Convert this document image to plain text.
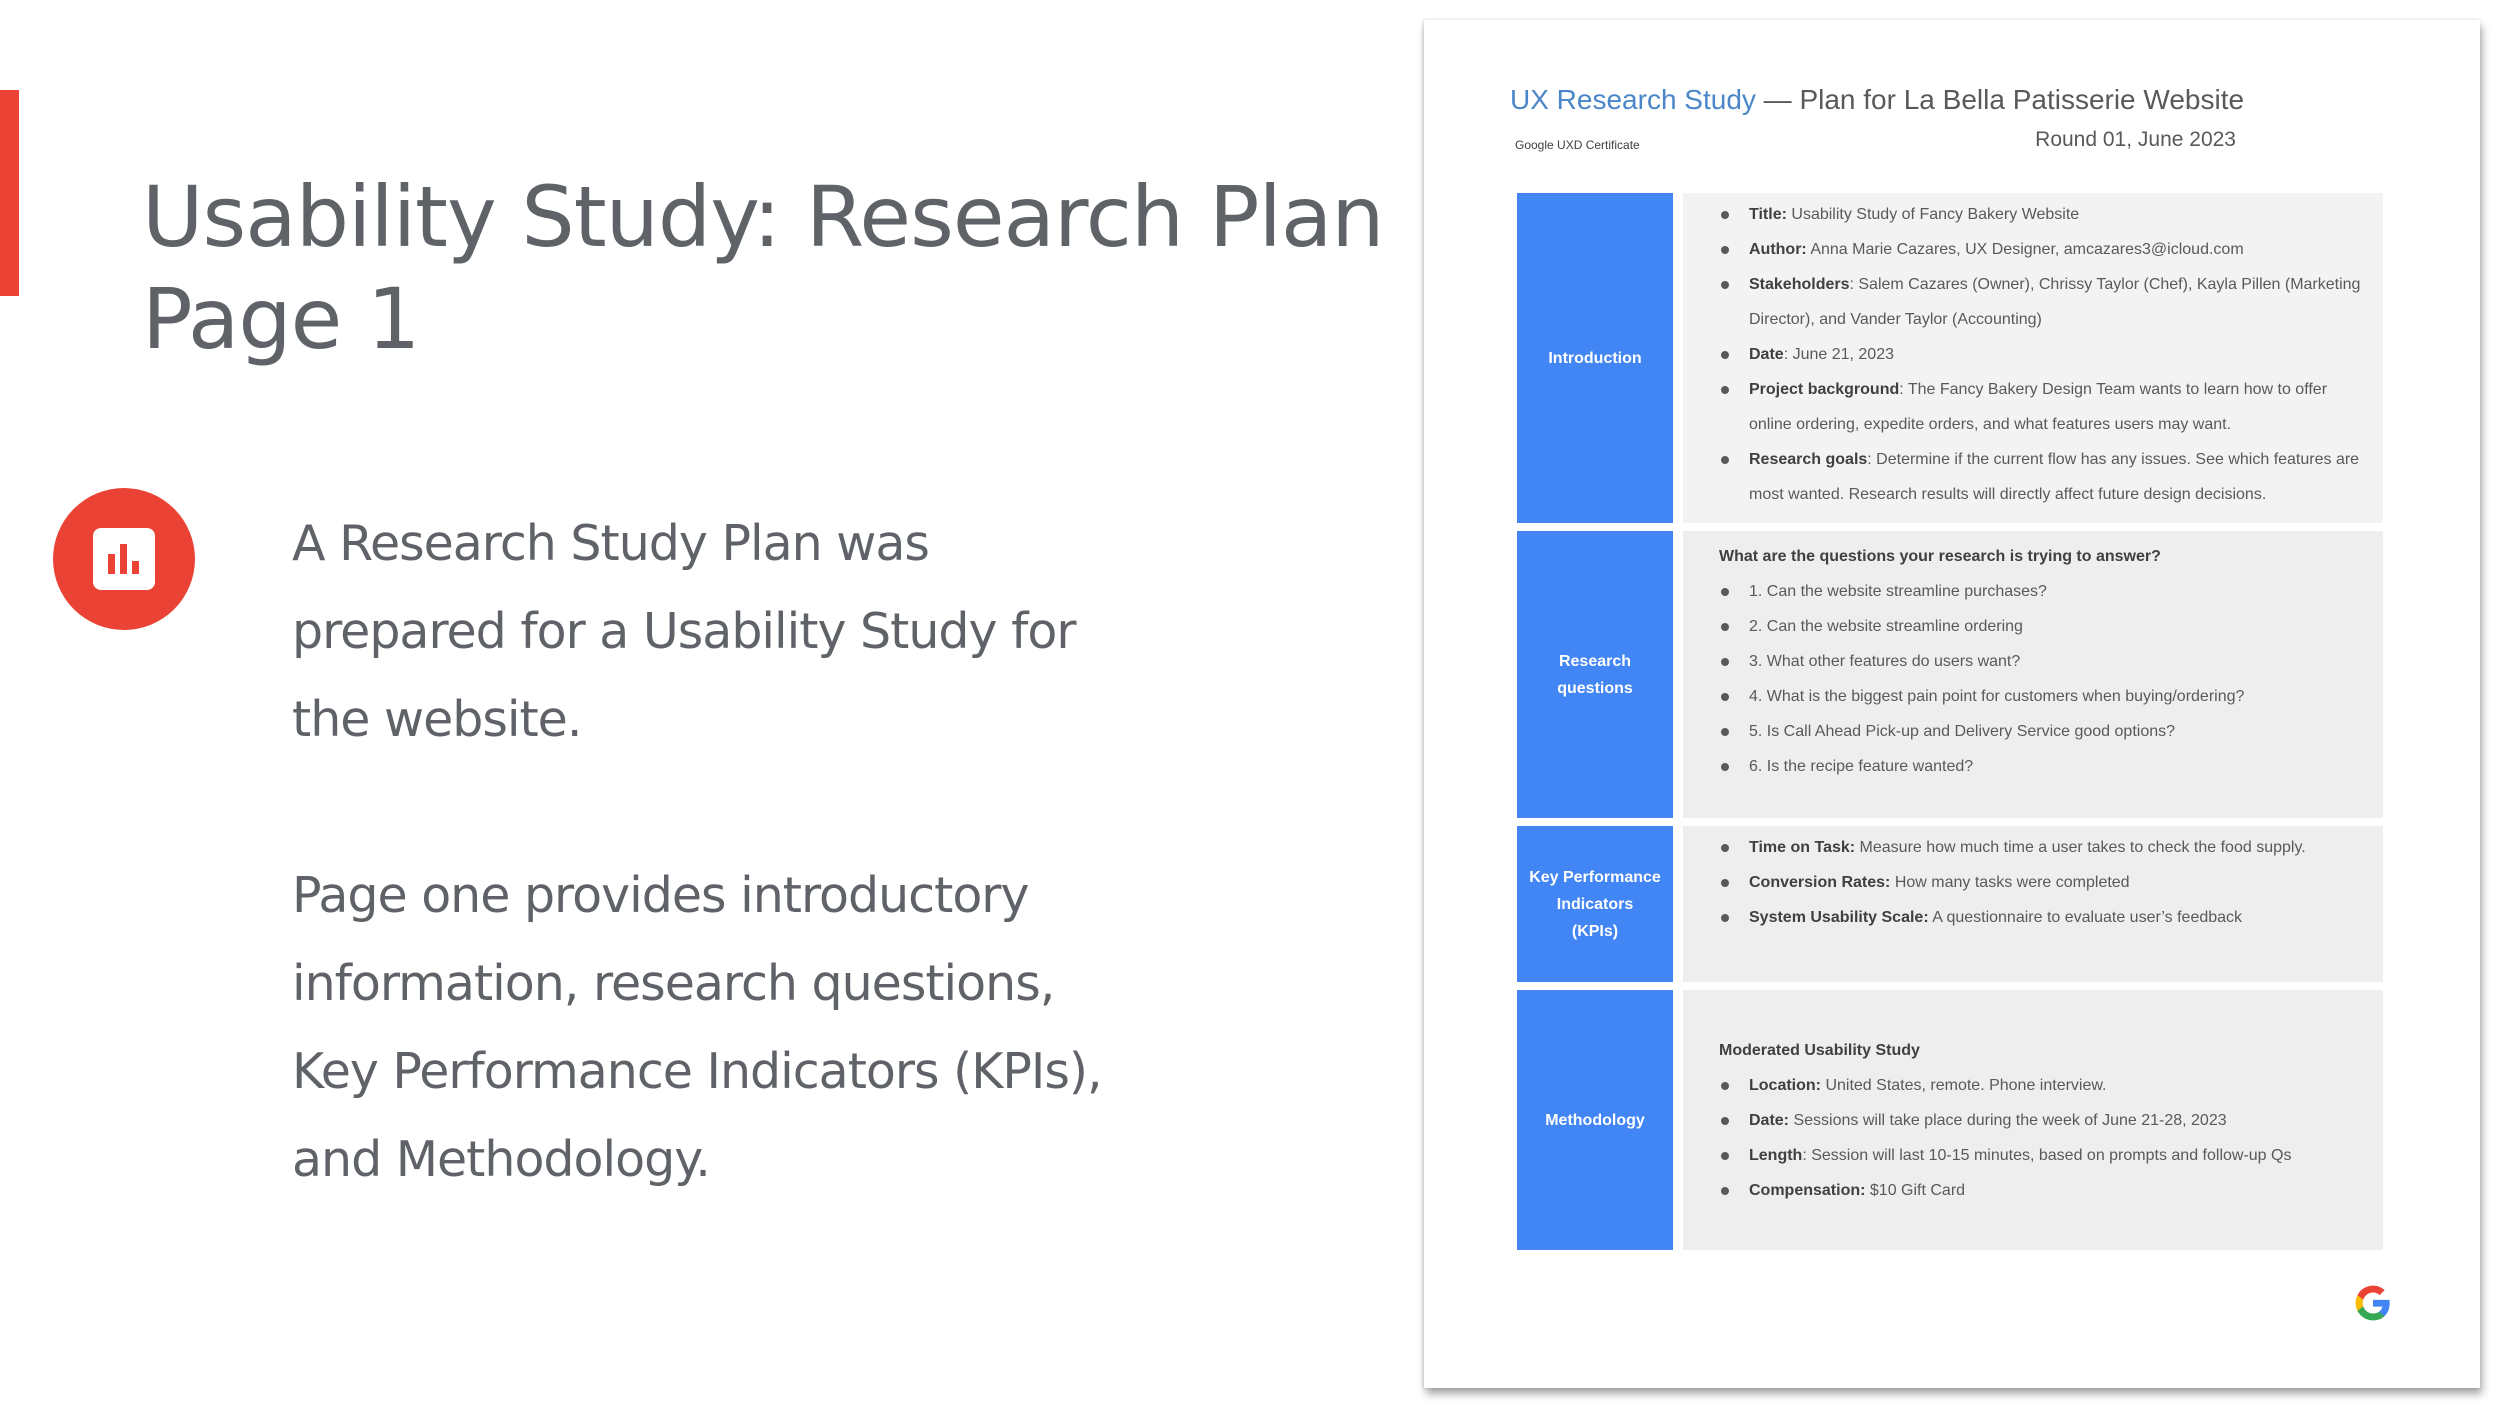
Usability Study: Research Plan
Page 1

A Research Study Plan was prepared for a Usability Study for the website.

Page one provides introductory information, research questions, Key Performance Indicators (KPIs), and Methodology.

UX Research Study — Plan for La Bella Patisserie Website
Google UXD Certificate	Round 01, June 2023
Introduction
Title: Usability Study of Fancy Bakery Website
Author: Anna Marie Cazares, UX Designer, amcazares3@icloud.com
Stakeholders: Salem Cazares (Owner), Chrissy Taylor (Chef), Kayla Pillen (Marketing Director), and Vander Taylor (Accounting)
Date: June 21, 2023
Project background: The Fancy Bakery Design Team wants to learn how to offer online ordering, expedite orders, and what features users may want.
Research goals: Determine if the current flow has any issues. See which features are most wanted. Research results will directly affect future design decisions.
Research
questions
What are the questions your research is trying to answer?
1. Can the website streamline purchases?
2. Can the website streamline ordering
3. What other features do users want?
4. What is the biggest pain point for customers when buying/ordering?
5. Is Call Ahead Pick-up and Delivery Service good options?
6. Is the recipe feature wanted?
Key Performance
Indicators
(KPIs)
Time on Task: Measure how much time a user takes to check the food supply.
Conversion Rates: How many tasks were completed
System Usability Scale: A questionnaire to evaluate user’s feedback
Methodology
Moderated Usability Study
Location: United States, remote. Phone interview.
Date: Sessions will take place during the week of June 21-28, 2023
Length: Session will last 10-15 minutes, based on prompts and follow-up Qs
Compensation: $10 Gift Card
